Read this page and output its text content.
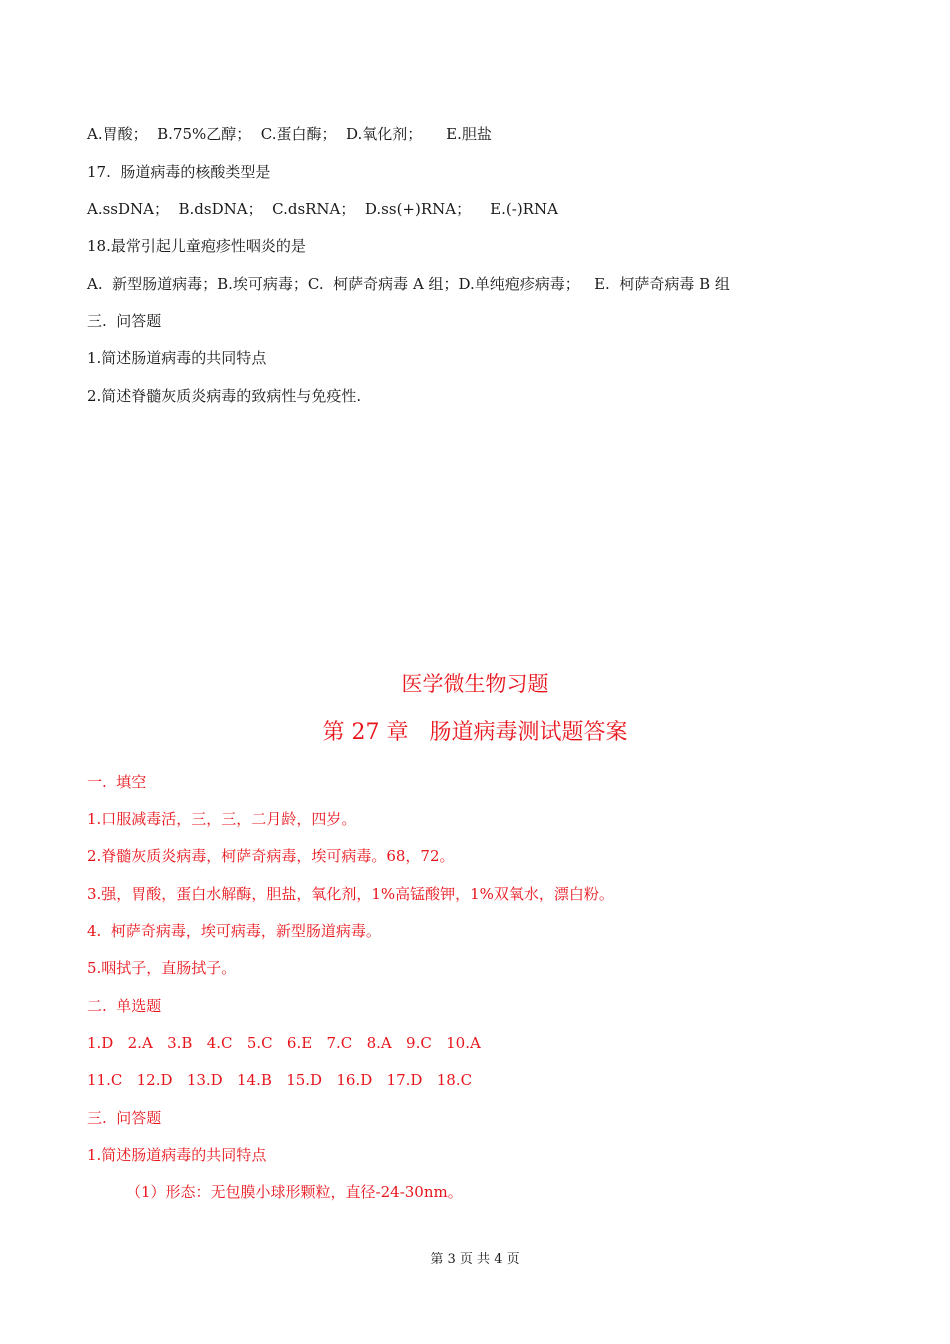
A.胃酸；  B.75%乙醇；  C.蛋白酶；  D.氧化剂；     E.胆盐
17.  肠道病毒的核酸类型是
A.ssDNA；  B.dsDNA；  C.dsRNA；  D.ss(+)RNA；    E.(-)RNA
18.最常引起儿童疱疹性咽炎的是
A.  新型肠道病毒；B.埃可病毒；C.  柯萨奇病毒 A 组；D.单纯疱疹病毒；   E.  柯萨奇病毒 B 组
三.  问答题
1.简述肠道病毒的共同特点
2.简述脊髓灰质炎病毒的致病性与免疫性.
医学微生物习题
第 27 章   肠道病毒测试题答案
一.  填空
1.口服减毒活，三，三，二月龄，四岁。
2.脊髓灰质炎病毒，柯萨奇病毒，埃可病毒。68，72。
3.强，胃酸，蛋白水解酶，胆盐，氧化剂，1%高锰酸钾，1%双氧水，漂白粉。
4.  柯萨奇病毒，埃可病毒，新型肠道病毒。
5.咽拭子，直肠拭子。
二.  单选题
1.D   2.A   3.B   4.C   5.C   6.E   7.C   8.A   9.C   10.A
11.C   12.D   13.D   14.B   15.D   16.D   17.D   18.C
三.  问答题
1.简述肠道病毒的共同特点
（1）形态：无包膜小球形颗粒，直径-24-30nm。
第 3 页 共 4 页
